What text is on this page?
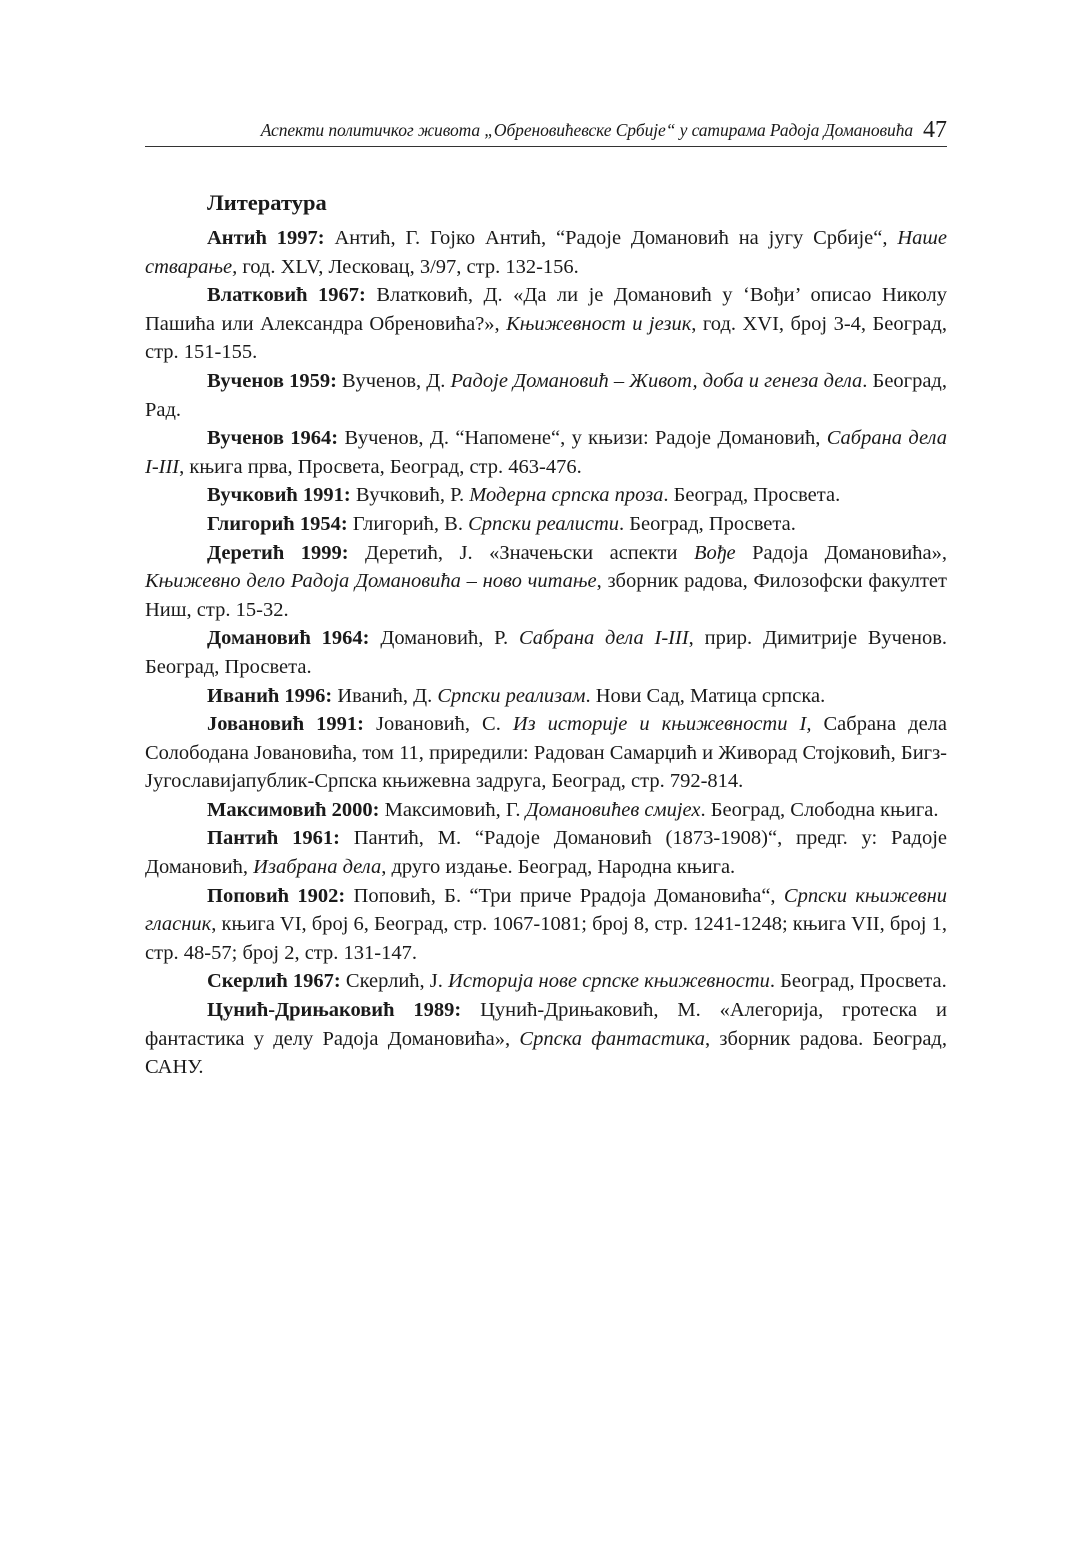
Аспекти политичког живота „Обреновићевске Србије“ у сатирама Радоја Домановића 47
Литература

Антић 1997: Антић, Г. Гојко Антић, “Радоје Домановић на југу Србије“, Наше стварање, год. XLV, Лесковац, 3/97, стр. 132-156.

Влатковић 1967: Влатковић, Д. «Да ли је Домановић у ‘Вођи’ описао Николу Пашића или Александра Обреновића?», Књижевност и језик, год. XVI, број 3-4, Београд, стр. 151-155.

Вученов 1959: Вученов, Д. Радоје Домановић – Живот, доба и генеза дела. Београд, Рад.

Вученов 1964: Вученов, Д. “Напомене“, у књизи: Радоје Домановић, Сабрана дела I-III, књига прва, Просвета, Београд, стр. 463-476.

Вучковић 1991: Вучковић, Р. Модерна српска проза. Београд, Просвета.

Глигорић 1954: Глигорић, В. Српски реалисти. Београд, Просвета.

Деретић 1999: Деретић, Ј. «Значењски аспекти Вође Радоја Домановића», Књижевно дело Радоја Домановића – ново читање, зборник радова, Филозофски факултет Ниш, стр. 15-32.

Домановић 1964: Домановић, Р. Сабрана дела I-III, прир. Димитрије Вученов. Београд, Просвета.

Иванић 1996: Иванић, Д. Српски реализам. Нови Сад, Матица српска.

Јовановић 1991: Јовановић, С. Из историје и књижевности I, Сабрана дела Солободана Јовановића, том 11, приредили: Радован Самарџић и Живорад Стојковић, Бигз-Југославијапублик-Српска књижевна задруга, Београд, стр. 792-814.

Максимовић 2000: Максимовић, Г. Домановићев смијех. Београд, Слободна књига.

Пантић 1961: Пантић, М. “Радоје Домановић (1873-1908)“, предг. у: Радоје Домановић, Изабрана дела, друго издање. Београд, Народна књига.

Поповић 1902: Поповић, Б. “Три приче Ррадоја Домановића“, Српски књижевни гласник, књига VI, број 6, Београд, стр. 1067-1081; број 8, стр. 1241-1248; књига VII, број 1, стр. 48-57; број 2, стр. 131-147.

Скерлић 1967: Скерлић, Ј. Историја нове српске књижевности. Београд, Просвета.

Цунић-Дрињаковић 1989: Цунић-Дрињаковић, М. «Алегорија, гротеска и фантастика у делу Радоја Домановића», Српска фантастика, зборник радова. Београд, САНУ.
